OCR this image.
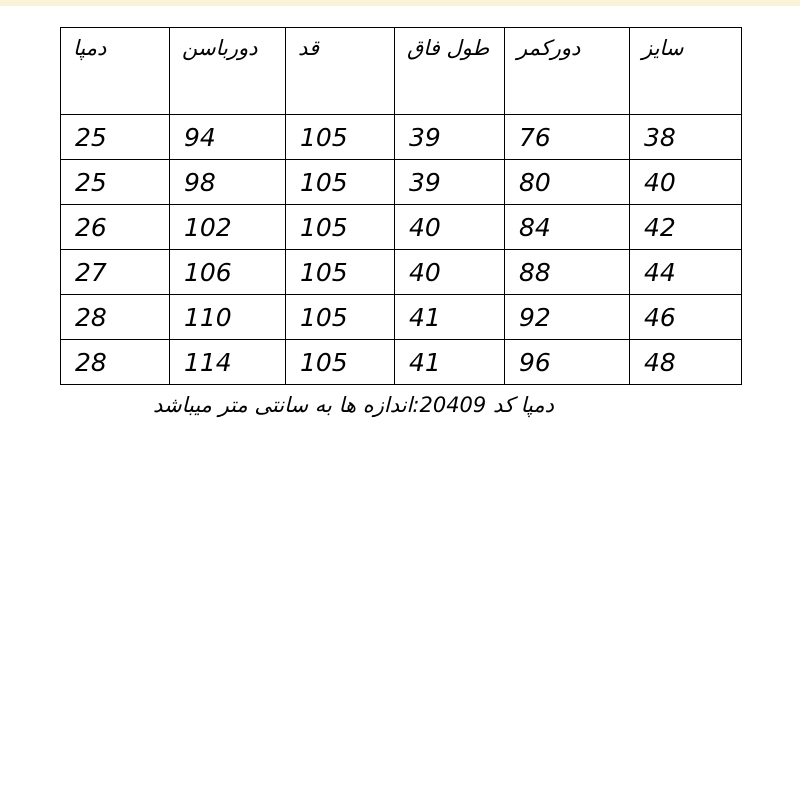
سایز	دورکمر	طول فاق	قد	دورباسن	دمپا
38	76	39	105	94	25
40	80	39	105	98	25
42	84	40	105	102	26
44	88	40	105	106	27
46	92	41	105	110	28
48	96	41	105	114	28
دمپا کد 20409:اندازه ها به سانتی متر میباشد
